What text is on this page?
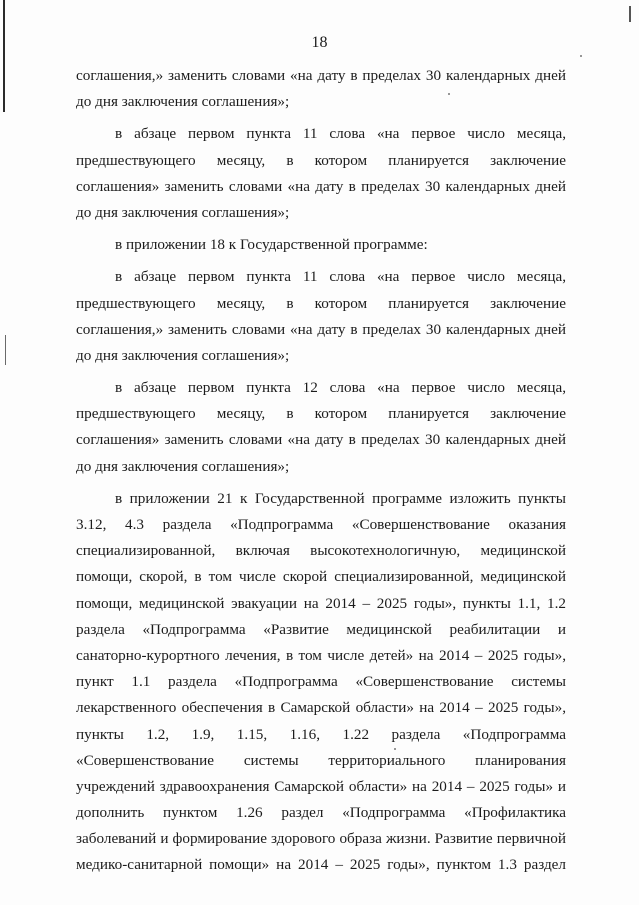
18
соглашения,» заменить словами «на дату в пределах 30 календарных дней
до дня заключения соглашения»;
в абзаце первом пункта 11 слова «на первое число месяца,
предшествующего месяцу, в котором планируется заключение
соглашения» заменить словами «на дату в пределах 30 календарных дней
до дня заключения соглашения»;
в приложении 18 к Государственной программе:
в абзаце первом пункта 11 слова «на первое число месяца,
предшествующего месяцу, в котором планируется заключение
соглашения,» заменить словами «на дату в пределах 30 календарных дней
до дня заключения соглашения»;
в абзаце первом пункта 12 слова «на первое число месяца,
предшествующего месяцу, в котором планируется заключение
соглашения» заменить словами «на дату в пределах 30 календарных дней
до дня заключения соглашения»;
в приложении 21 к Государственной программе изложить пункты
3.12, 4.3 раздела «Подпрограмма «Совершенствование оказания
специализированной, включая высокотехнологичную, медицинской
помощи, скорой, в том числе скорой специализированной, медицинской
помощи, медицинской эвакуации на 2014 – 2025 годы», пункты 1.1, 1.2
раздела «Подпрограмма «Развитие медицинской реабилитации и
санаторно-курортного лечения, в том числе детей» на 2014 – 2025 годы»,
пункт 1.1 раздела «Подпрограмма «Совершенствование системы
лекарственного обеспечения в Самарской области» на 2014 – 2025 годы»,
пункты 1.2, 1.9, 1.15, 1.16, 1.22 раздела «Подпрограмма
«Совершенствование системы территориального планирования
учреждений здравоохранения Самарской области» на 2014 – 2025 годы» и
дополнить пунктом 1.26 раздел «Подпрограмма «Профилактика
заболеваний и формирование здорового образа жизни. Развитие первичной
медико-санитарной помощи» на 2014 – 2025 годы», пунктом 1.3 раздел
